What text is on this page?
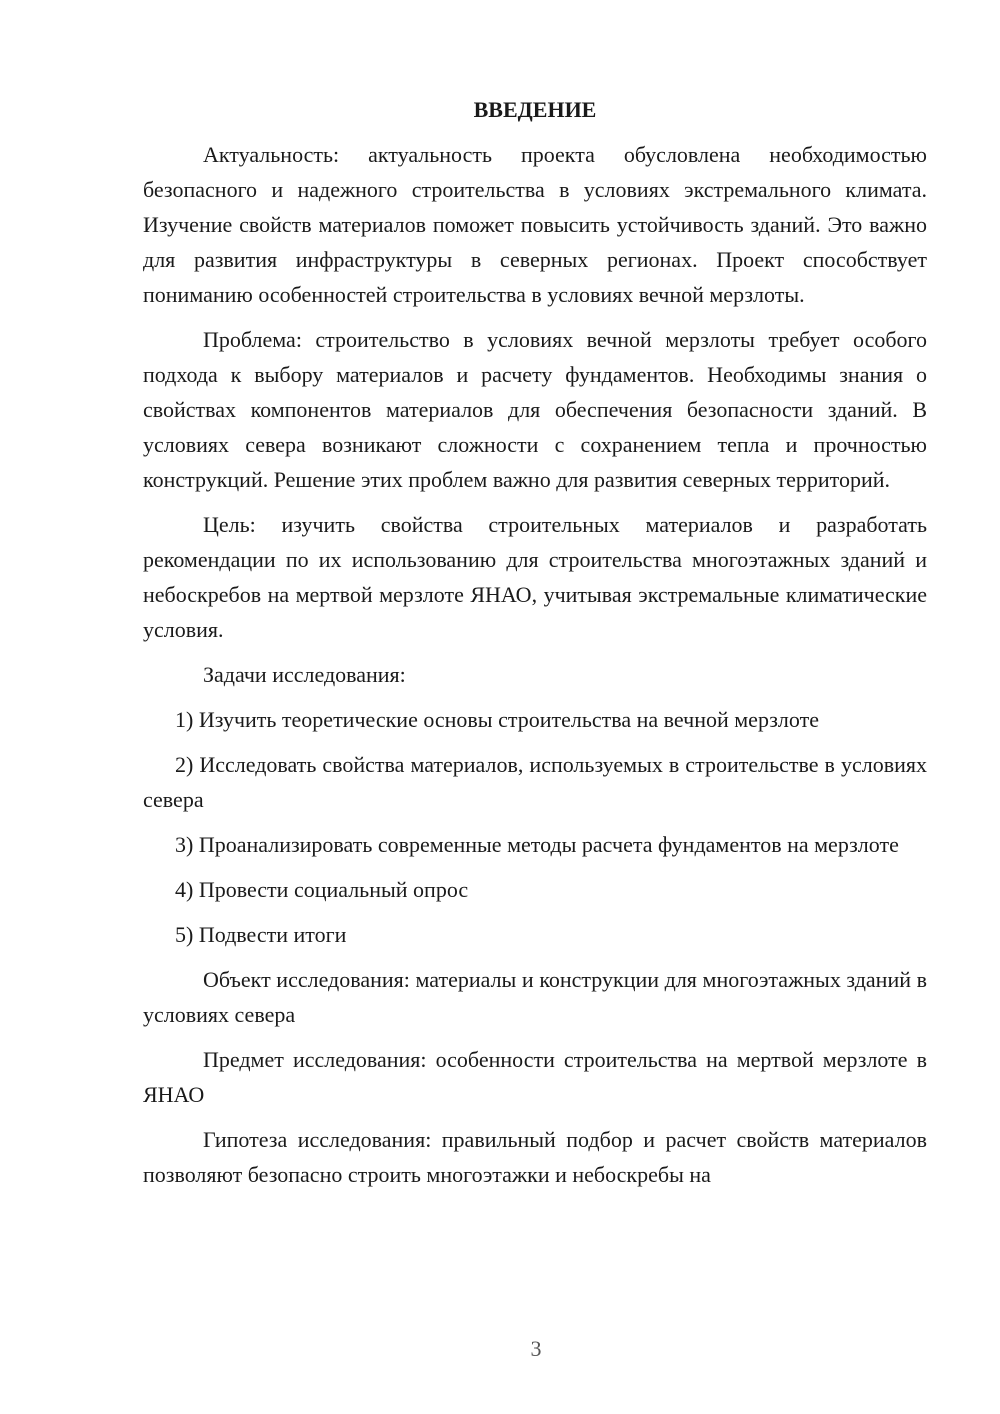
ВВЕДЕНИЕ

Актуальность: актуальность проекта обусловлена необходимостью безопасного и надежного строительства в условиях экстремального климата. Изучение свойств материалов поможет повысить устойчивость зданий. Это важно для развития инфраструктуры в северных регионах. Проект способствует пониманию особенностей строительства в условиях вечной мерзлоты.

Проблема: строительство в условиях вечной мерзлоты требует особого подхода к выбору материалов и расчету фундаментов. Необходимы знания о свойствах компонентов материалов для обеспечения безопасности зданий. В условиях севера возникают сложности с сохранением тепла и прочностью конструкций. Решение этих проблем важно для развития северных территорий.

Цель: изучить свойства строительных материалов и разработать рекомендации по их использованию для строительства многоэтажных зданий и небоскребов на мертвой мерзлоте ЯНАО, учитывая экстремальные климатические условия.

Задачи исследования:

1) Изучить теоретические основы строительства на вечной мерзлоте

2) Исследовать свойства материалов, используемых в строительстве в условиях севера

3) Проанализировать современные методы расчета фундаментов на мерзлоте

4) Провести социальный опрос

5) Подвести итоги

Объект исследования: материалы и конструкции для многоэтажных зданий в условиях севера

Предмет исследования: особенности строительства на мертвой мерзлоте в ЯНАО

Гипотеза исследования: правильный подбор и расчет свойств материалов позволяют безопасно строить многоэтажки и небоскребы на

3
